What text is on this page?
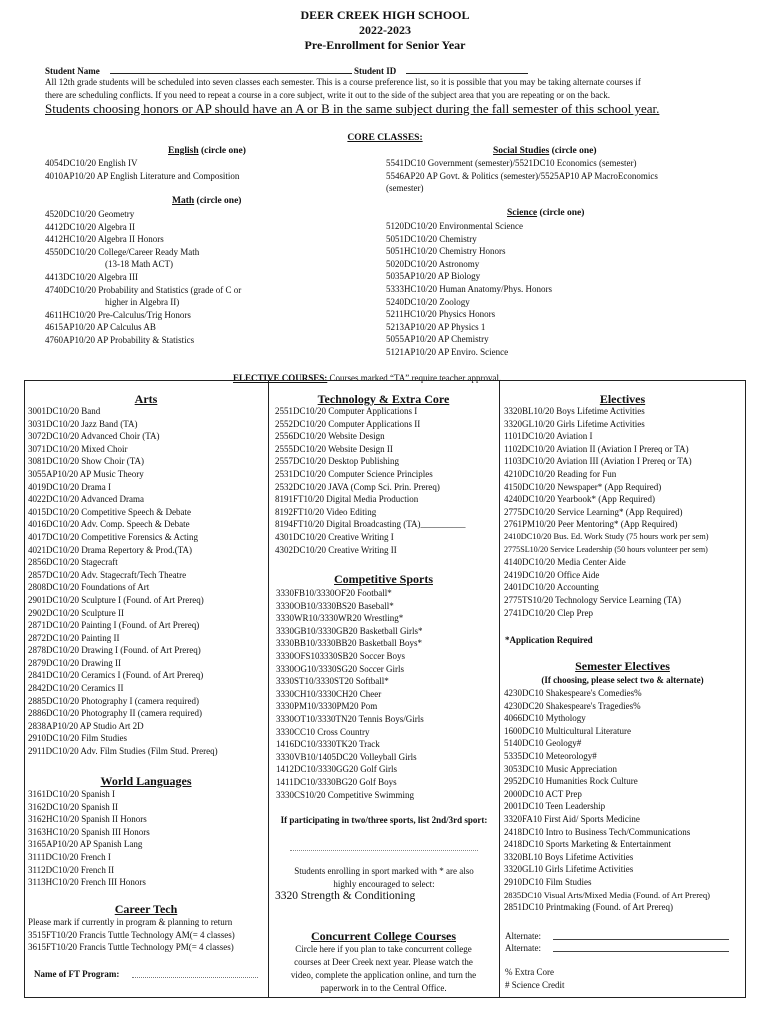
DEER CREEK HIGH SCHOOL
2022-2023
Pre-Enrollment for Senior Year
Student Name	Student ID
All 12th grade students will be scheduled into seven classes each semester. This is a course preference list, so it is possible that you may be taking alternate courses if
there are scheduling conflicts. If you need to repeat a course in a core subject, write it out to the side of the subject area that you are repeating or on the back.
Students choosing honors or AP should have an A or B in the same subject during the fall semester of this school year.
CORE CLASSES:
English (circle one)
4054DC10/20 English IV
4010AP10/20 AP English Literature and Composition
Math (circle one)
4520DC10/20 Geometry
4412DC10/20 Algebra II
4412HC10/20 Algebra II Honors
4550DC10/20 College/Career Ready Math
(13-18 Math ACT)
4413DC10/20 Algebra III
4740DC10/20 Probability and Statistics (grade of C or
higher in Algebra II)
4611HC10/20 Pre-Calculus/Trig Honors
4615AP10/20 AP Calculus AB
4760AP10/20 AP Probability & Statistics
Social Studies (circle one)
5541DC10 Government (semester)/5521DC10 Economics (semester)
5546AP20 AP Govt. & Politics (semester)/5525AP10 AP MacroEconomics
(semester)
Science (circle one)
5120DC10/20 Environmental Science
5051DC10/20 Chemistry
5051HC10/20 Chemistry Honors
5020DC10/20 Astronomy
5035AP10/20 AP Biology
5333HC10/20 Human Anatomy/Phys. Honors
5240DC10/20 Zoology
5211HC10/20 Physics Honors
5213AP10/20 AP Physics 1
5055AP10/20 AP Chemistry
5121AP10/20 AP Enviro. Science
ELECTIVE COURSES: Courses marked “TA” require teacher approval.
Arts
3001DC10/20 Band
3031DC10/20 Jazz Band (TA)
3072DC10/20 Advanced Choir (TA)
3071DC10/20 Mixed Choir
3081DC10/20 Show Choir (TA)
3055AP10/20 AP Music Theory
4019DC10/20 Drama I
4022DC10/20 Advanced Drama
4015DC10/20 Competitive Speech & Debate
4016DC10/20 Adv. Comp. Speech & Debate
4017DC10/20 Competitive Forensics & Acting
4021DC10/20 Drama Repertory & Prod.(TA)
2856DC10/20 Stagecraft
2857DC10/20 Adv. Stagecraft/Tech Theatre
2808DC10/20 Foundations of Art
2901DC10/20 Sculpture I (Found. of Art Prereq)
2902DC10/20 Sculpture II
2871DC10/20 Painting I (Found. of Art Prereq)
2872DC10/20 Painting II
2878DC10/20 Drawing I (Found. of Art Prereq)
2879DC10/20 Drawing II
2841DC10/20 Ceramics I (Found. of Art Prereq)
2842DC10/20 Ceramics II
2885DC10/20 Photography I (camera required)
2886DC10/20 Photography II (camera required)
2838AP10/20 AP Studio Art 2D
2910DC10/20 Film Studies
2911DC10/20 Adv. Film Studies (Film Stud. Prereq)
World Languages
3161DC10/20 Spanish I
3162DC10/20 Spanish II
3162HC10/20 Spanish II Honors
3163HC10/20 Spanish III Honors
3165AP10/20 AP Spanish Lang
3111DC10/20 French I
3112DC10/20 French II
3113HC10/20 French III Honors
Career Tech
Please mark if currently in program & planning to return
3515FT10/20 Francis Tuttle Technology AM(= 4 classes)
3615FT10/20 Francis Tuttle Technology PM(= 4 classes)
Name of FT Program:
Technology & Extra Core
2551DC10/20 Computer Applications I
2552DC10/20 Computer Applications II
2556DC10/20 Website Design
2555DC10/20 Website Design II
2557DC10/20 Desktop Publishing
2531DC10/20 Computer Science Principles
2532DC10/20 JAVA (Comp Sci. Prin. Prereq)
8191FT10/20 Digital Media Production
8192FT10/20 Video Editing
8194FT10/20 Digital Broadcasting (TA)__________
4301DC10/20 Creative Writing I
4302DC10/20 Creative Writing II
Competitive Sports
3330FB10/3330OF20 Football*
3330OB10/3330BS20 Baseball*
3330WR10/3330WR20 Wrestling*
3330GB10/3330GB20 Basketball Girls*
3330BB10/3330BB20 Basketball Boys*
3330OFS103330SB20 Soccer Boys
3330OG10/3330SG20 Soccer Girls
3330ST10/3330ST20 Softball*
3330CH10/3330CH20 Cheer
3330PM10/3330PM20 Pom
3330OT10/3330TN20 Tennis Boys/Girls
3330CC10 Cross Country
1416DC10/3330TK20 Track
3330VB10/1405DC20 Volleyball Girls
1412DC10/3330GG20 Golf Girls
1411DC10/3330BG20 Golf Boys
3330CS10/20 Competitive Swimming
If participating in two/three sports, list 2nd/3rd sport:
Students enrolling in sport marked with * are also
highly encouraged to select:
3320 Strength & Conditioning
Concurrent College Courses
Circle here if you plan to take concurrent college
courses at Deer Creek next year. Please watch the
video, complete the application online, and turn the
paperwork in to the Central Office.
Electives
3320BL10/20 Boys Lifetime Activities
3320GL10/20 Girls Lifetime Activities
1101DC10/20 Aviation I
1102DC10/20 Aviation II (Aviation I Prereq or TA)
1103DC10/20 Aviation III (Aviation I Prereq or TA)
4210DC10/20 Reading for Fun
4150DC10/20 Newspaper* (App Required)
4240DC10/20 Yearbook* (App Required)
2775DC10/20 Service Learning* (App Required)
2761PM10/20 Peer Mentoring* (App Required)
2410DC10/20 Bus. Ed. Work Study (75 hours work per sem)
2775SL10/20 Service Leadership (50 hours volunteer per sem)
4140DC10/20 Media Center Aide
2419DC10/20 Office Aide
2401DC10/20 Accounting
2775TS10/20 Technology Service Learning (TA)
2741DC10/20 Clep Prep
*Application Required
Semester Electives
(If choosing, please select two & alternate)
4230DC10 Shakespeare's Comedies%
4230DC20 Shakespeare's Tragedies%
4066DC10 Mythology
1600DC10 Multicultural Literature
5140DC10 Geology#
5335DC10 Meteorology#
3053DC10 Music Appreciation
2952DC10 Humanities Rock Culture
2000DC10 ACT Prep
2001DC10 Teen Leadership
3320FA10 First Aid/ Sports Medicine
2418DC10 Intro to Business Tech/Communications
2418DC10 Sports Marketing & Entertainment
3320BL10 Boys Lifetime Activities
3320GL10 Girls Lifetime Activities
2910DC10 Film Studies
2835DC10 Visual Arts/Mixed Media (Found. of Art Prereq)
2851DC10 Printmaking (Found. of Art Prereq)
Alternate:
Alternate:
% Extra Core
# Science Credit
